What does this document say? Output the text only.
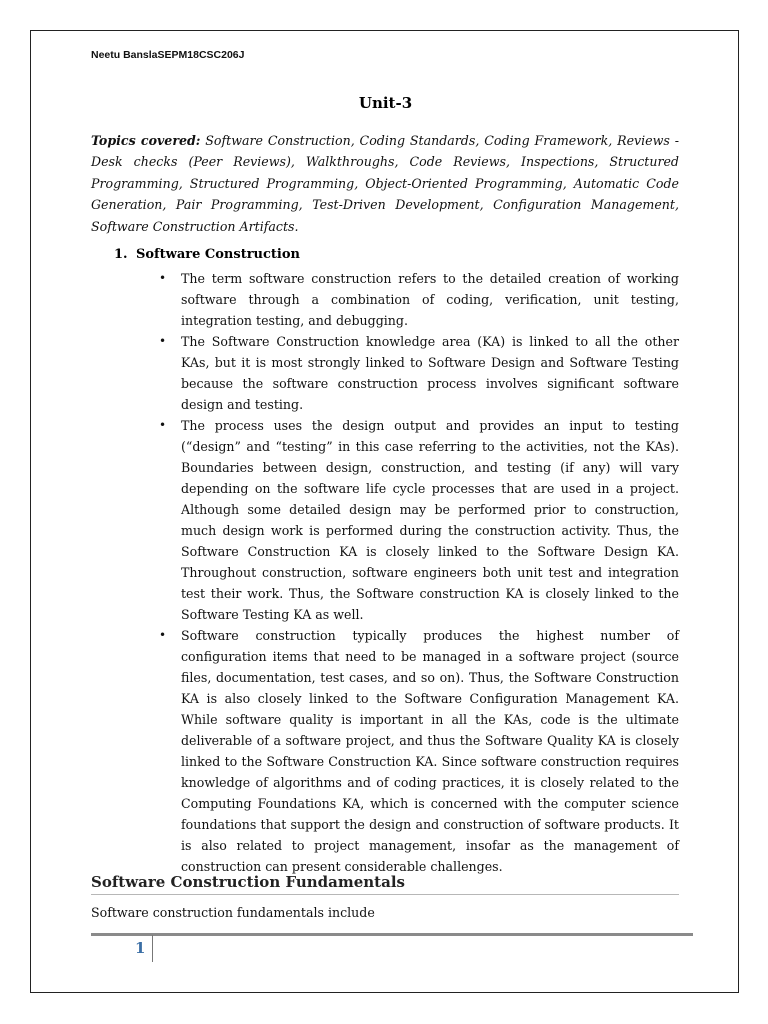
Neetu BanslaSEPM18CSC206J
Unit-3
Topics covered: Software Construction, Coding Standards, Coding Framework, Reviews - Desk checks (Peer Reviews), Walkthroughs, Code Reviews, Inspections, Structured Programming, Structured Programming, Object-Oriented Programming, Automatic Code Generation, Pair Programming, Test-Driven Development, Configuration Management, Software Construction Artifacts.
1. Software Construction
• The term software construction refers to the detailed creation of working software through a combination of coding, verification, unit testing, integration testing, and debugging.
• The Software Construction knowledge area (KA) is linked to all the other KAs, but it is most strongly linked to Software Design and Software Testing because the software construction process involves significant software design and testing.
• The process uses the design output and provides an input to testing (“design” and “testing” in this case referring to the activities, not the KAs). Boundaries between design, construction, and testing (if any) will vary depending on the software life cycle processes that are used in a project. Although some detailed design may be performed prior to construction, much design work is performed during the construction activity. Thus, the Software Construction KA is closely linked to the Software Design KA. Throughout construction, software engineers both unit test and integration test their work. Thus, the Software construction KA is closely linked to the Software Testing KA as well.
• Software construction typically produces the highest number of configuration items that need to be managed in a software project (source files, documentation, test cases, and so on). Thus, the Software Construction KA is also closely linked to the Software Configuration Management KA. While software quality is important in all the KAs, code is the ultimate deliverable of a software project, and thus the Software Quality KA is closely linked to the Software Construction KA. Since software construction requires knowledge of algorithms and of coding practices, it is closely related to the Computing Foundations KA, which is concerned with the computer science foundations that support the design and construction of software products. It is also related to project management, insofar as the management of construction can present considerable challenges.
Software Construction Fundamentals
Software construction fundamentals include
1
